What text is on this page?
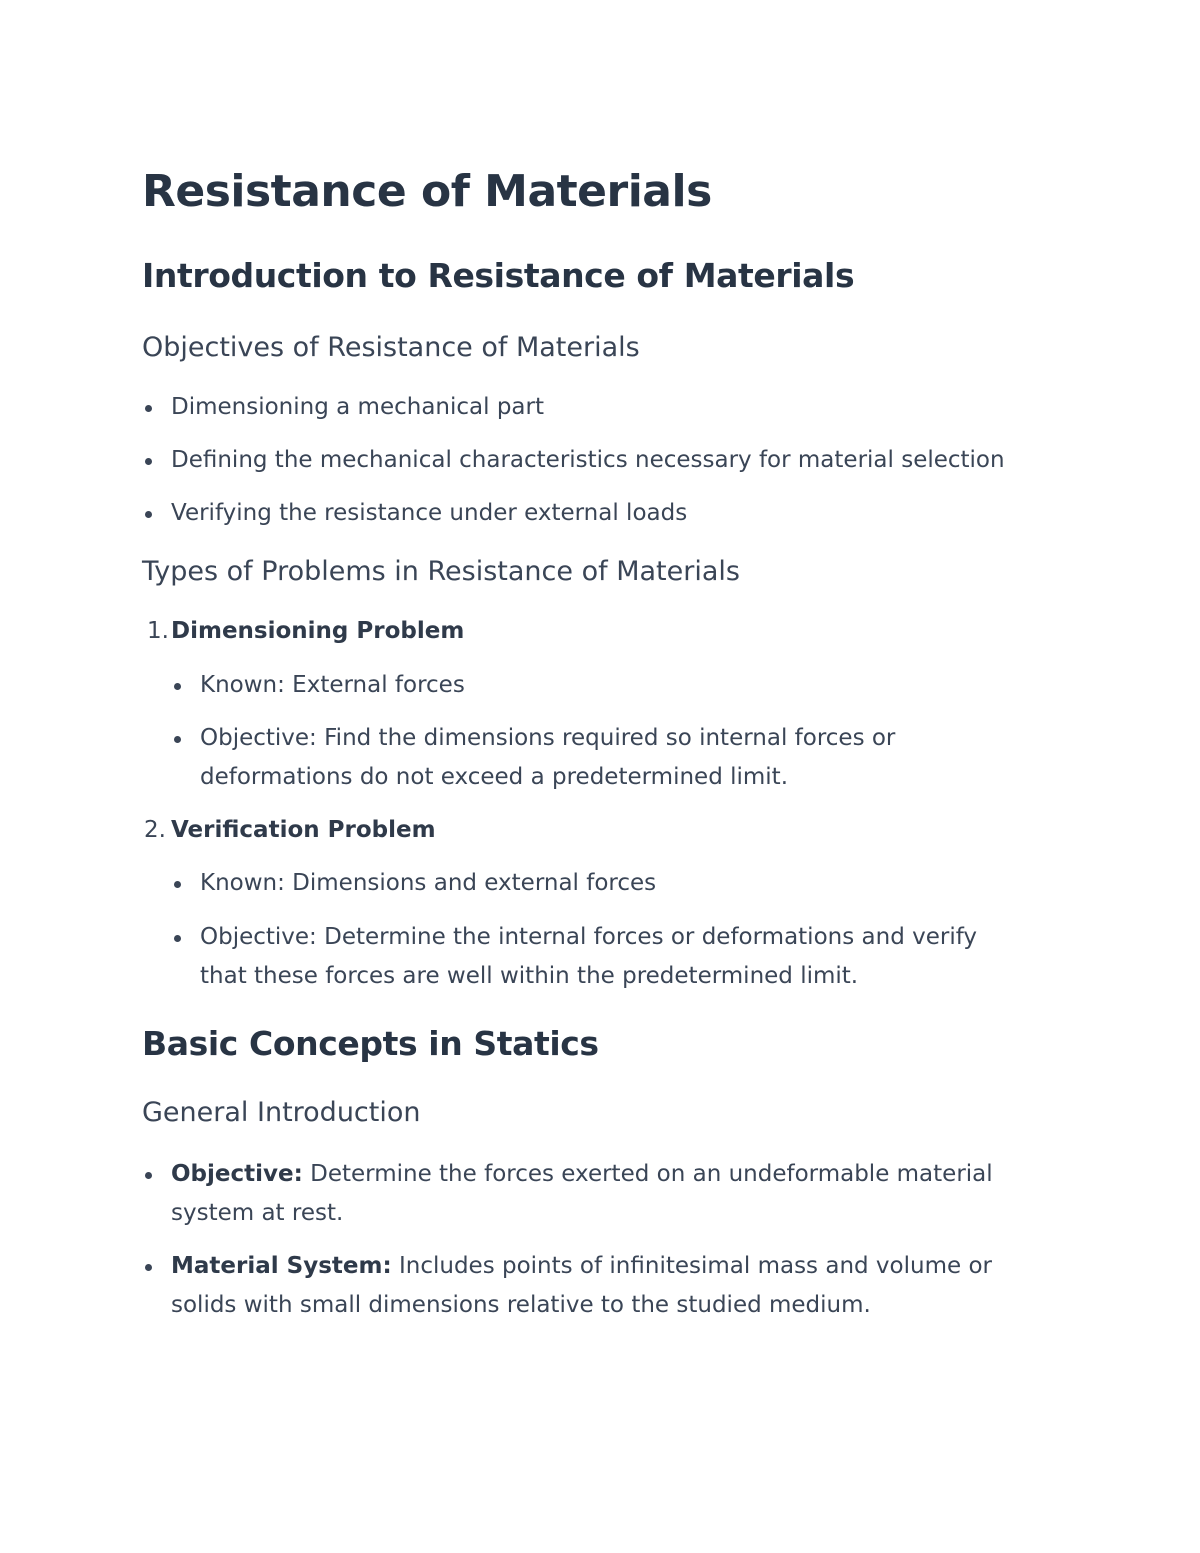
Resistance of Materials
Introduction to Resistance of Materials
Objectives of Resistance of Materials
Dimensioning a mechanical part
Defining the mechanical characteristics necessary for material selection
Verifying the resistance under external loads
Types of Problems in Resistance of Materials
1. Dimensioning Problem
Known: External forces
Objective: Find the dimensions required so internal forces or deformations do not exceed a predetermined limit.
2. Verification Problem
Known: Dimensions and external forces
Objective: Determine the internal forces or deformations and verify that these forces are well within the predetermined limit.
Basic Concepts in Statics
General Introduction
Objective: Determine the forces exerted on an undeformable material system at rest.
Material System: Includes points of infinitesimal mass and volume or solids with small dimensions relative to the studied medium.
